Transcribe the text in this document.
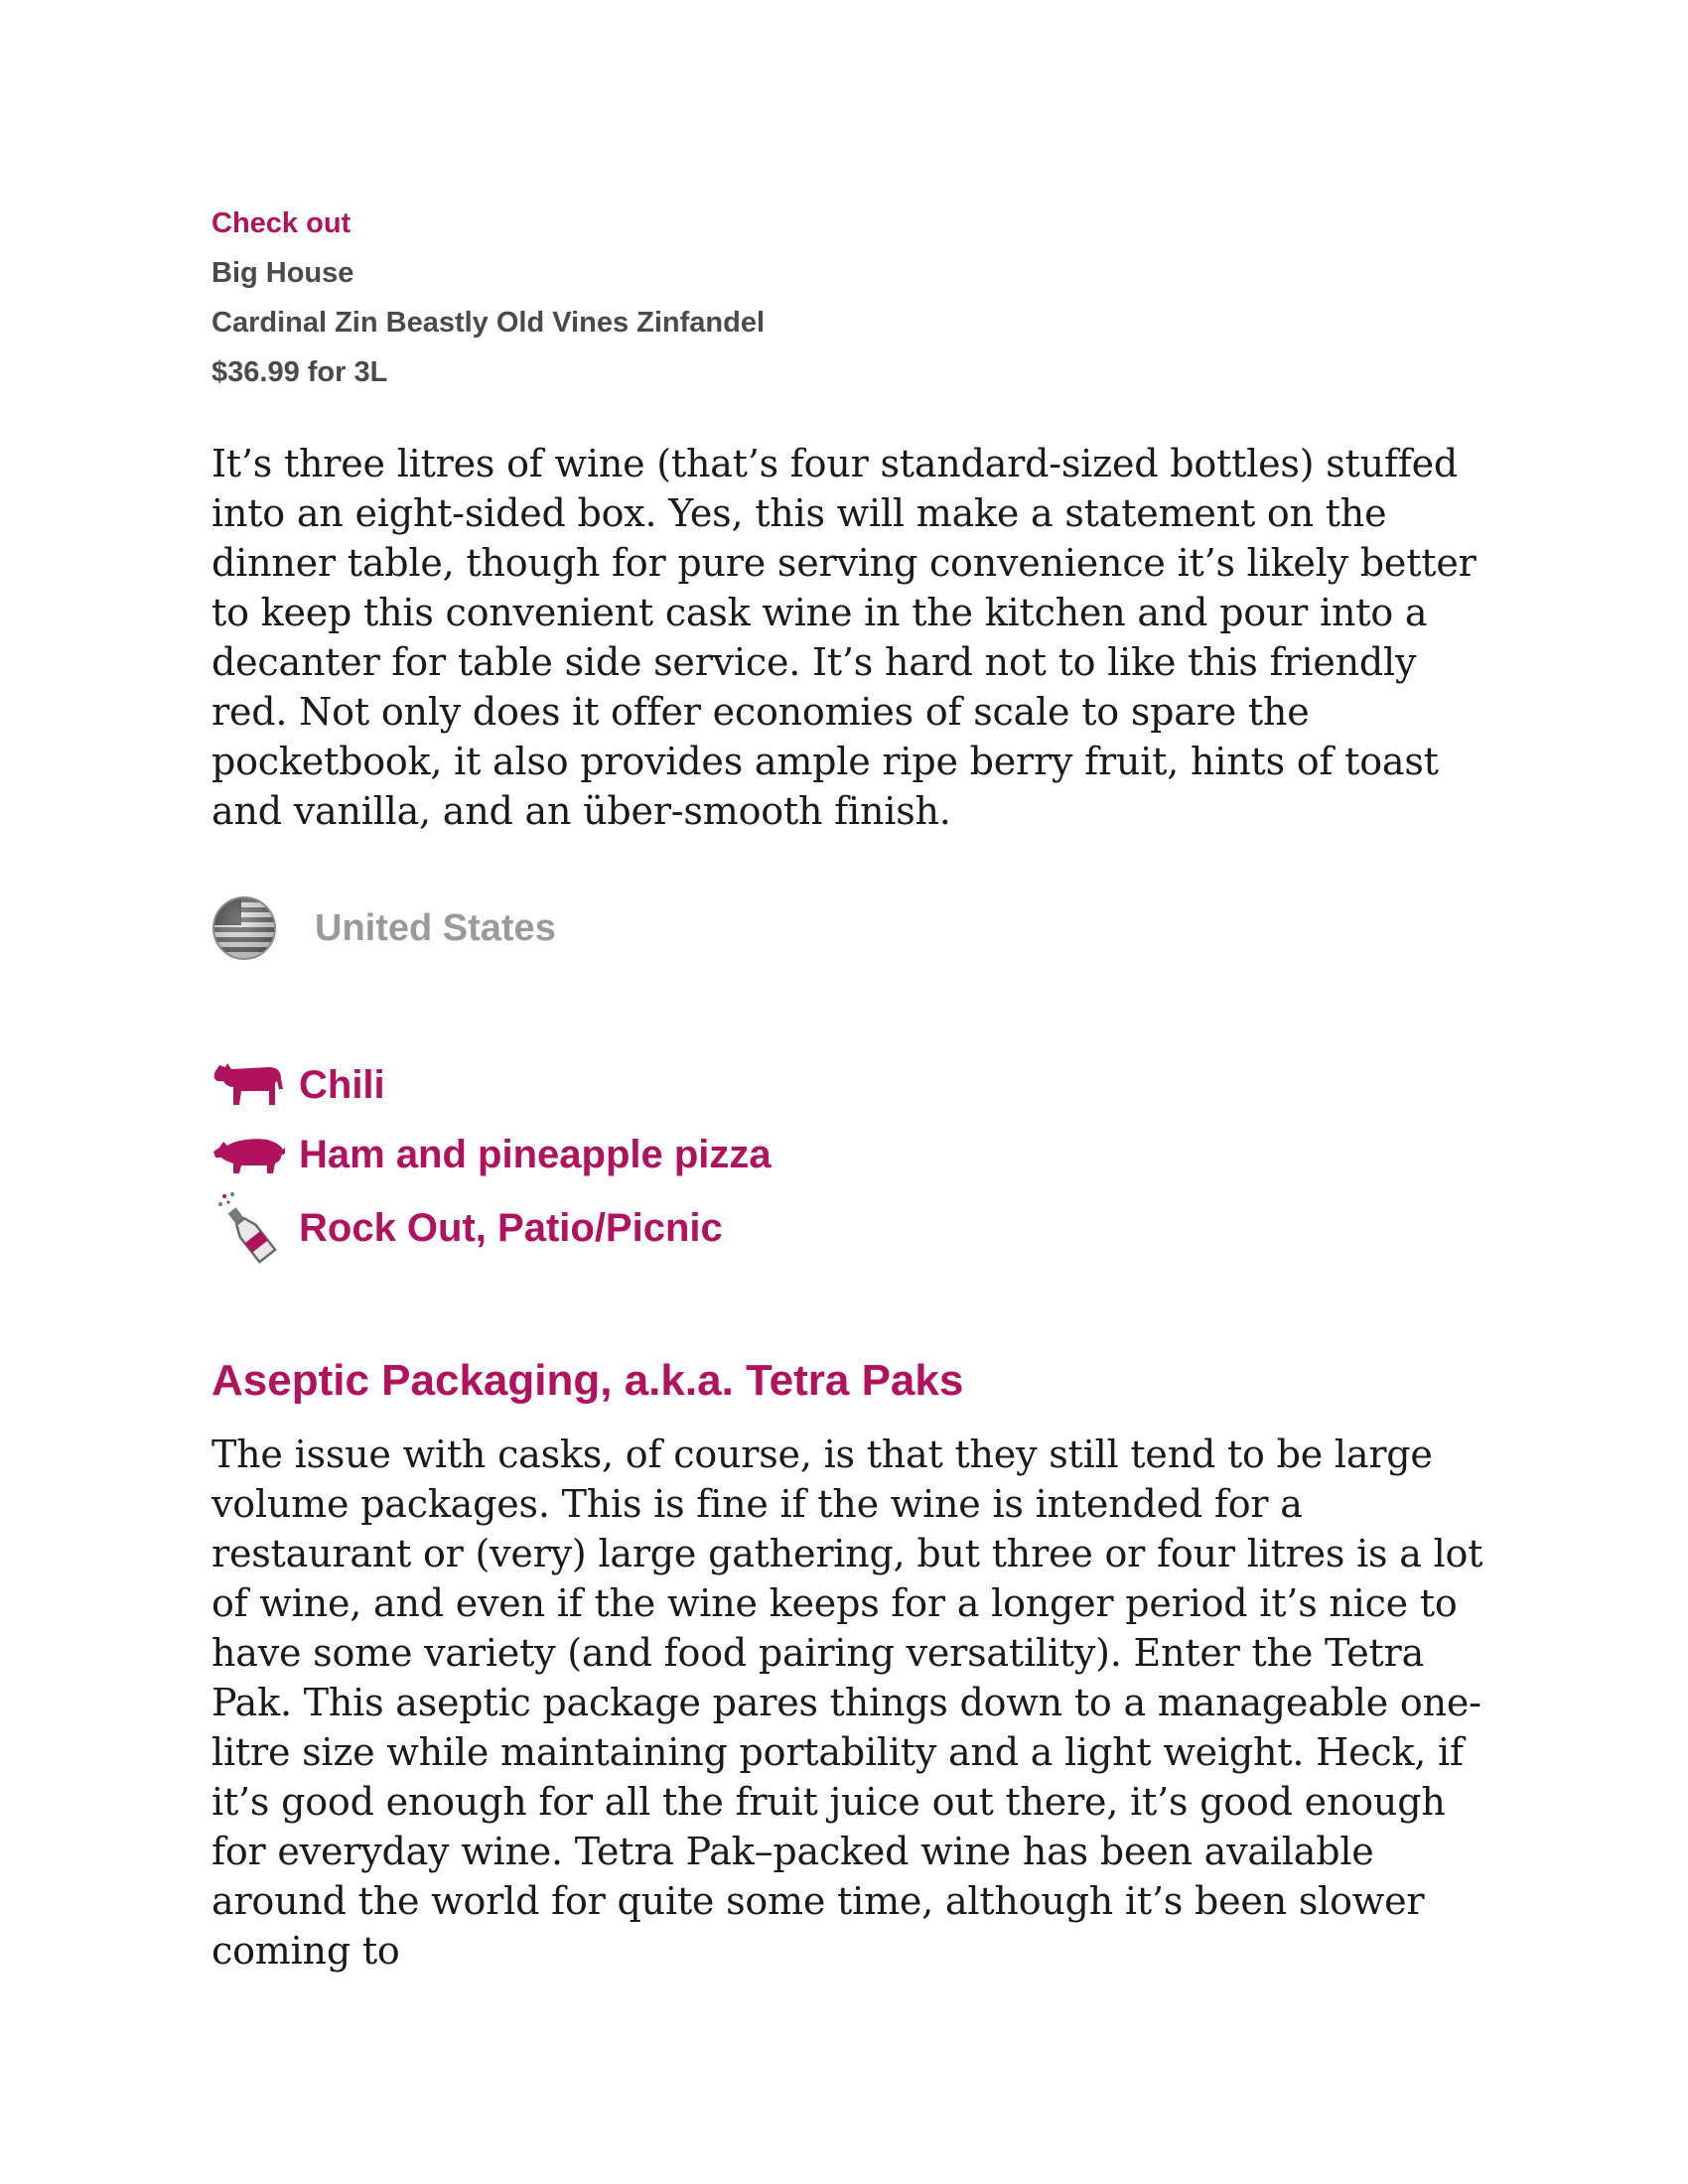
Check out
Big House
Cardinal Zin Beastly Old Vines Zinfandel
$36.99 for 3L

It’s three litres of wine (that’s four standard-sized bottles) stuffed into an eight-sided box. Yes, this will make a statement on the dinner table, though for pure serving convenience it’s likely better to keep this convenient cask wine in the kitchen and pour into a decanter for table side service. It’s hard not to like this friendly red. Not only does it offer economies of scale to spare the pocketbook, it also provides ample ripe berry fruit, hints of toast and vanilla, and an über-smooth finish.

United States
Chili
Ham and pineapple pizza
Rock Out, Patio/Picnic
Aseptic Packaging, a.k.a. Tetra Paks

The issue with casks, of course, is that they still tend to be large volume packages. This is fine if the wine is intended for a restaurant or (very) large gathering, but three or four litres is a lot of wine, and even if the wine keeps for a longer period it’s nice to have some variety (and food pairing versatility). Enter the Tetra Pak. This aseptic package pares things down to a manageable one-litre size while maintaining portability and a light weight. Heck, if it’s good enough for all the fruit juice out there, it’s good enough for everyday wine. Tetra Pak–packed wine has been available around the world for quite some time, although it’s been slower coming to
